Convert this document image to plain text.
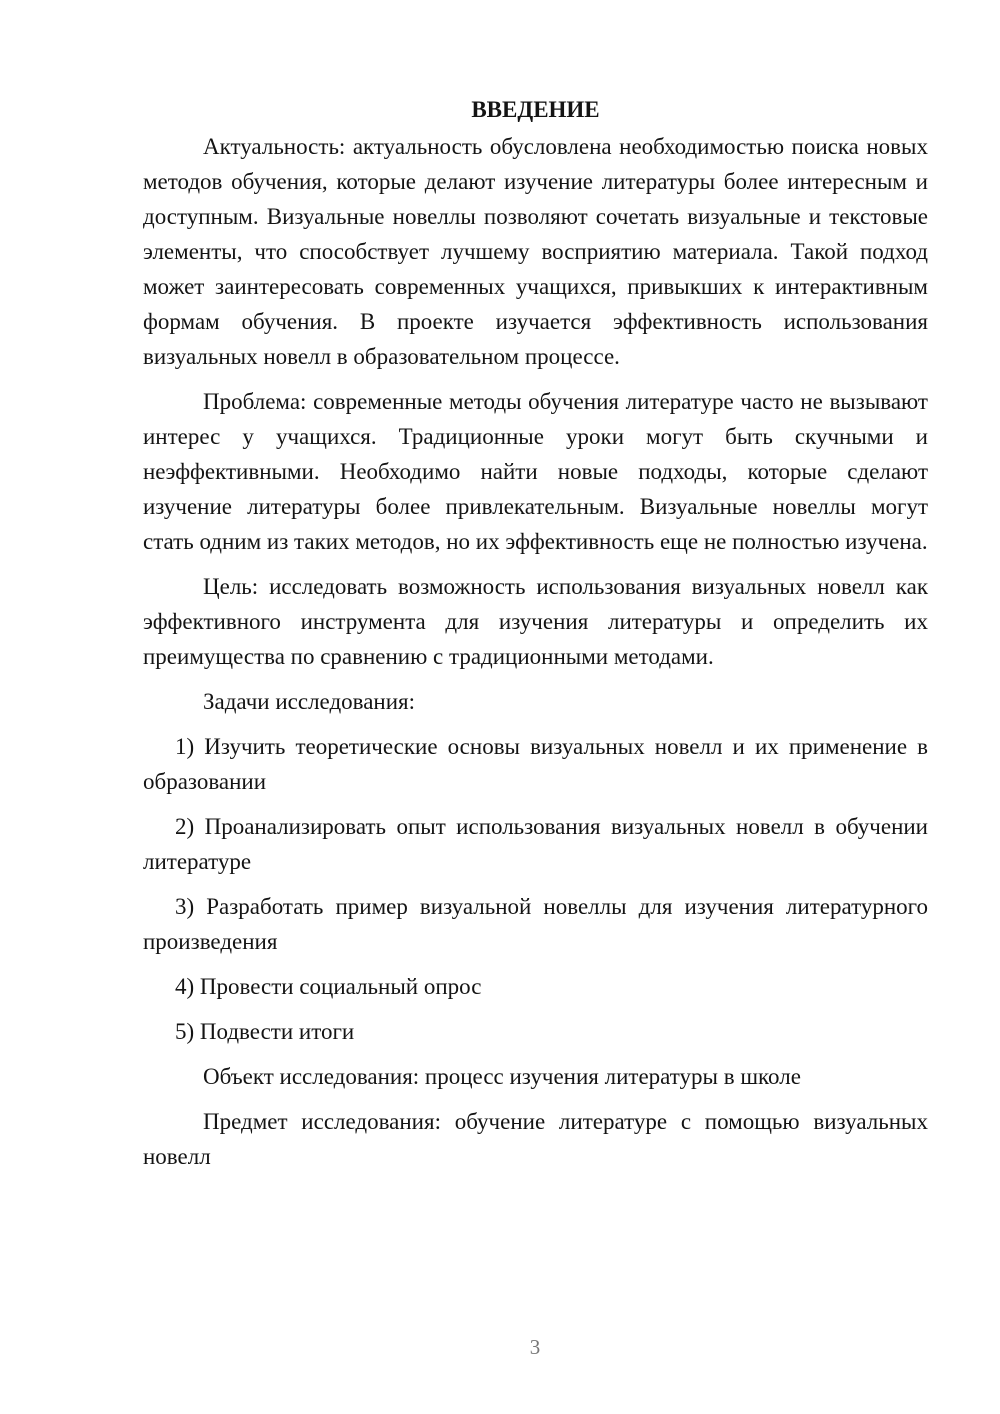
ВВЕДЕНИЕ

Актуальность: актуальность обусловлена необходимостью поиска новых методов обучения, которые делают изучение литературы более интересным и доступным. Визуальные новеллы позволяют сочетать визуальные и текстовые элементы, что способствует лучшему восприятию материала. Такой подход может заинтересовать современных учащихся, привыкших к интерактивным формам обучения. В проекте изучается эффективность использования визуальных новелл в образовательном процессе.

Проблема: современные методы обучения литературе часто не вызывают интерес у учащихся. Традиционные уроки могут быть скучными и неэффективными. Необходимо найти новые подходы, которые сделают изучение литературы более привлекательным. Визуальные новеллы могут стать одним из таких методов, но их эффективность еще не полностью изучена.

Цель: исследовать возможность использования визуальных новелл как эффективного инструмента для изучения литературы и определить их преимущества по сравнению с традиционными методами.

Задачи исследования:

1) Изучить теоретические основы визуальных новелл и их применение в образовании

2) Проанализировать опыт использования визуальных новелл в обучении литературе

3) Разработать пример визуальной новеллы для изучения литературного произведения

4) Провести социальный опрос

5) Подвести итоги

Объект исследования: процесс изучения литературы в школе

Предмет исследования: обучение литературе с помощью визуальных новелл

3
